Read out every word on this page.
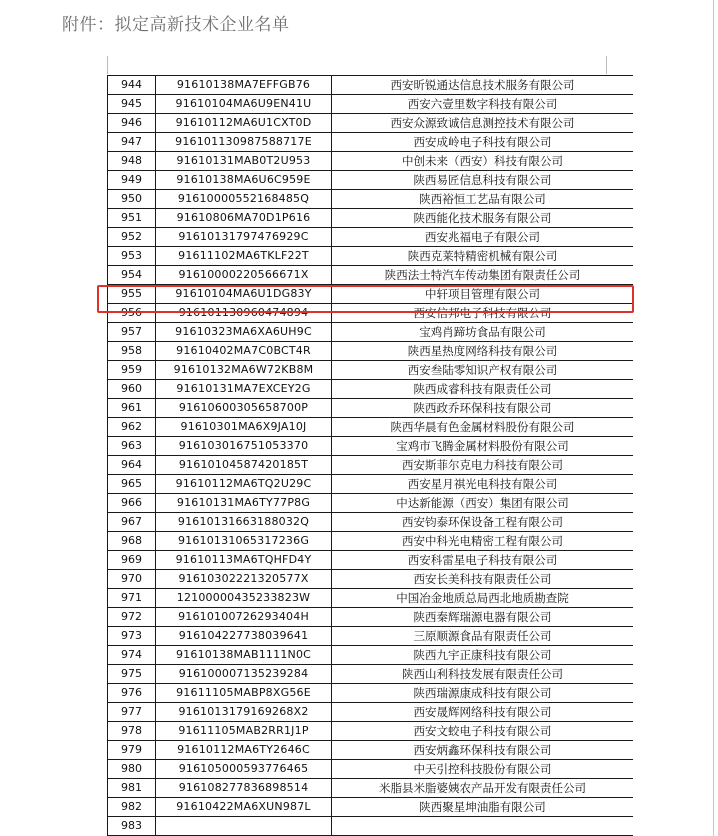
附件：拟定高新技术企业名单
944	91610138MA7EFFGB76	西安昕锐通达信息技术服务有限公司
945	91610104MA6U9EN41U	西安六壹里数字科技有限公司
946	91610112MA6U1CXT0D	西安众源致诚信息测控技术有限公司
947	916101130987588717E	西安成岭电子科技有限公司
948	91610131MAB0T2U953	中创未来（西安）科技有限公司
949	91610138MA6U6C959E	陕西易匠信息科技有限公司
950	91610000552168485Q	陕西裕恒工艺品有限公司
951	91610806MA70D1P616	陕西能化技术服务有限公司
952	91610131797476929C	西安兆福电子有限公司
953	91611102MA6TKLF22T	陕西克莱特精密机械有限公司
954	91610000220566671X	陕西法士特汽车传动集团有限责任公司
955	91610104MA6U1DG83Y	中轩项目管理有限公司
956	916101130960474894	西安信邦电子科技有限公司
957	91610323MA6XA6UH9C	宝鸡肖蹄坊食品有限公司
958	91610402MA7C0BCT4R	陕西星热度网络科技有限公司
959	91610132MA6W72KB8M	西安叁陆零知识产权有限公司
960	91610131MA7EXCEY2G	陕西成睿科技有限责任公司
961	91610600305658700P	陕西政乔环保科技有限公司
962	91610301MA6X9JA10J	陕西华晨有色金属材料股份有限公司
963	916103016751053370	宝鸡市飞腾金属材料股份有限公司
964	91610104587420185T	西安斯菲尔克电力科技有限公司
965	91610112MA6TQ2U29C	西安星月祺光电科技有限公司
966	91610131MA6TY77P8G	中达新能源（西安）集团有限公司
967	91610131663188032Q	西安钧泰环保设备工程有限公司
968	91610131065317236G	西安中科光电精密工程有限公司
969	91610113MA6TQHFD4Y	西安科雷星电子科技有限公司
970	91610302221320577X	西安长美科技有限责任公司
971	12100000435233823W	中国冶金地质总局西北地质勘查院
972	91610100726293404H	陕西秦辉瑞源电器有限公司
973	916104227738039641	三原顺源食品有限责任公司
974	91610138MAB1111N0C	陕西九宇正康科技有限公司
975	916100007135239284	陕西山利科技发展有限责任公司
976	91611105MABP8XG56E	陕西瑞源康成科技有限公司
977	9161013179169268X2	西安晟辉网络科技有限公司
978	91611105MAB2RR1J1P	西安文蛟电子科技有限公司
979	91610112MA6TY2646C	西安炳鑫环保科技有限公司
980	916105000593776465	中天引控科技股份有限公司
981	916108277836898514	米脂县米脂婆姨农产品开发有限责任公司
982	91610422MA6XUN987L	陕西聚星坤油脂有限公司
983		
